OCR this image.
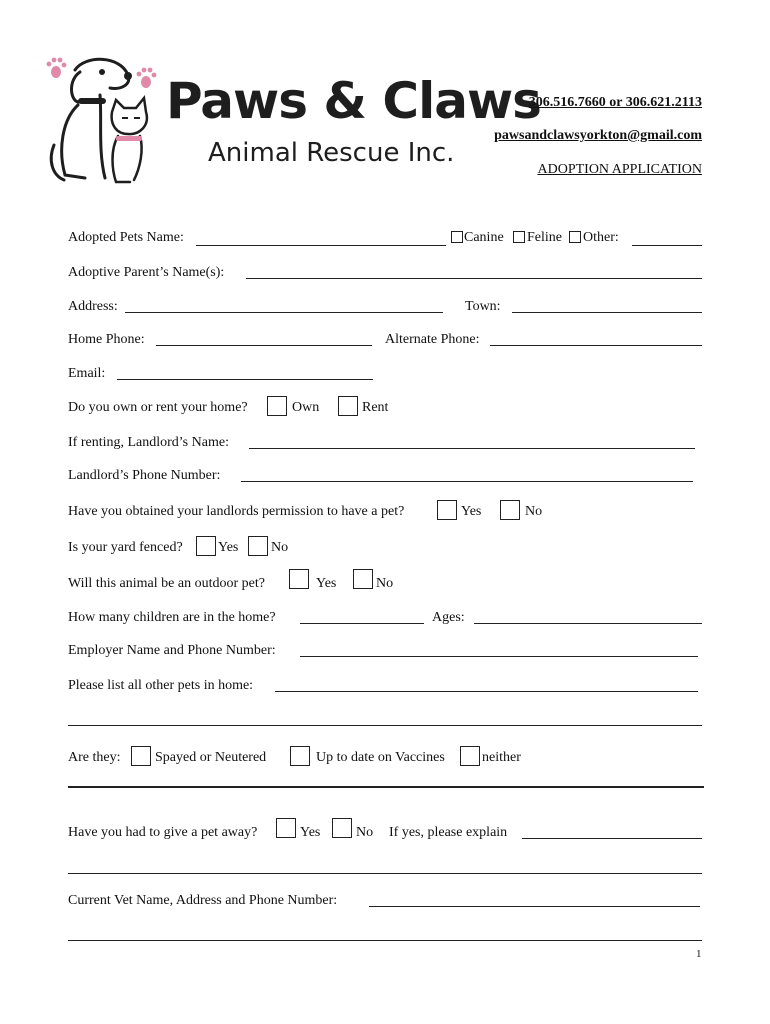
Paws & Claws
Animal Rescue Inc.
306.516.7660 or 306.621.2113
pawsandclawsyorkton@gmail.com
ADOPTION APPLICATION
Adopted Pets Name:	Canine Feline Other:
Adoptive Parent’s Name(s):
Address:	Town:
Home Phone:	Alternate Phone:
Email:
Do you own or rent your home?	Own	Rent
If renting, Landlord’s Name:
Landlord’s Phone Number:
Have you obtained your landlords permission to have a pet?	Yes	No
Is your yard fenced?	Yes No
Will this animal be an outdoor pet?	Yes	No
How many children are in the home?	Ages:
Employer Name and Phone Number:
Please list all other pets in home:
Are they: Spayed or Neutered	Up to date on Vaccines	neither
Have you had to give a pet away?	Yes	No If yes, please explain
Current Vet Name, Address and Phone Number:
1
